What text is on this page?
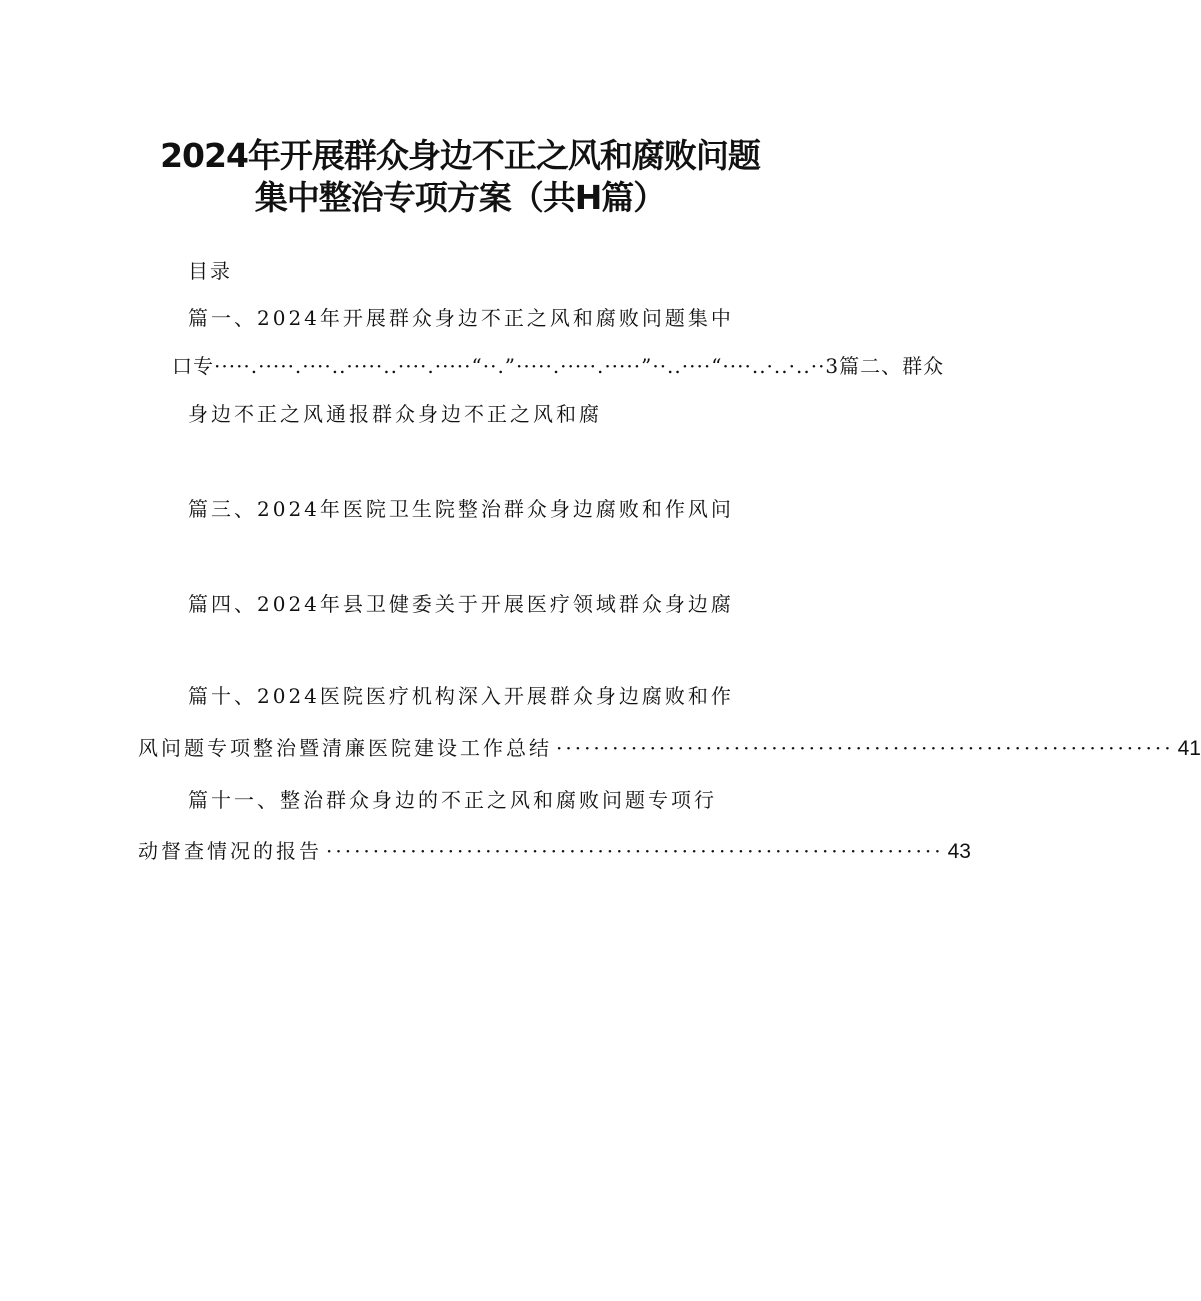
2024年开展群众身边不正之风和腐败问题
集中整治专项方案（共H篇）
目录

篇一、2024年开展群众身边不正之风和腐败问题集中

口专·····.·····.····..·····..····.·····“··.”·····.·····.·····”··..····“····..·..·..··3篇二、群众

身边不正之风通报群众身边不正之风和腐

篇三、2024年医院卫生院整治群众身边腐败和作风问

篇四、2024年县卫健委关于开展医疗领域群众身边腐

篇十、2024医院医疗机构深入开展群众身边腐败和作

风问题专项整治暨清廉医院建设工作总结 ·································································· 41

篇十一、整治群众身边的不正之风和腐败问题专项行

动督查情况的报告 ·································································· 43
